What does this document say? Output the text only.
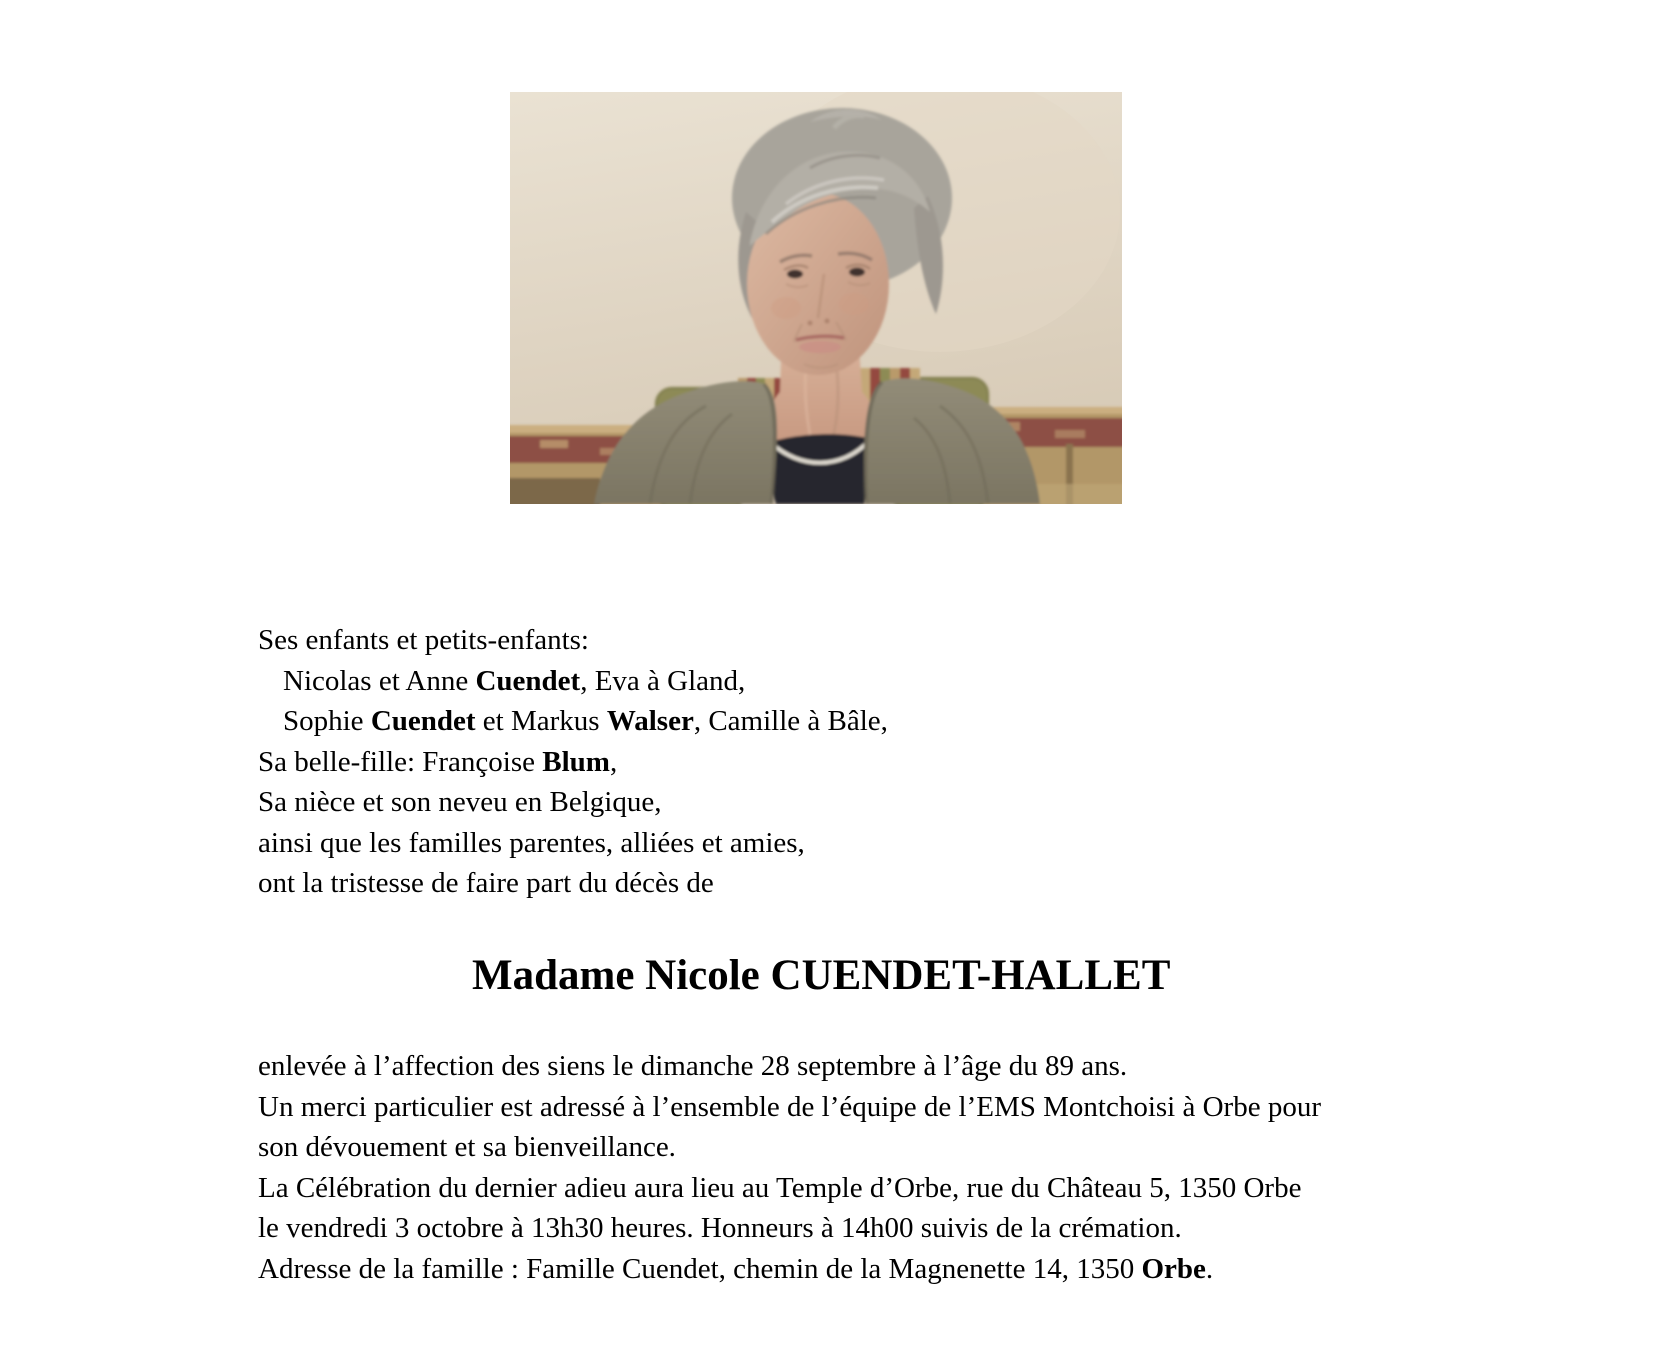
Ses enfants et petits-enfants:
Nicolas et Anne Cuendet, Eva à Gland,
Sophie Cuendet et Markus Walser, Camille à Bâle,
Sa belle-fille: Françoise Blum,
Sa nièce et son neveu en Belgique,
ainsi que les familles parentes, alliées et amies,
ont la tristesse de faire part du décès de
Madame Nicole CUENDET-HALLET
enlevée à l’affection des siens le dimanche 28 septembre à l’âge du 89 ans.
Un merci particulier est adressé à l’ensemble de l’équipe de l’EMS Montchoisi à Orbe pour
son dévouement et sa bienveillance.
La Célébration du dernier adieu aura lieu au Temple d’Orbe, rue du Château 5, 1350 Orbe
le vendredi 3 octobre à 13h30 heures. Honneurs à 14h00 suivis de la crémation.
Adresse de la famille : Famille Cuendet, chemin de la Magnenette 14, 1350 Orbe.
